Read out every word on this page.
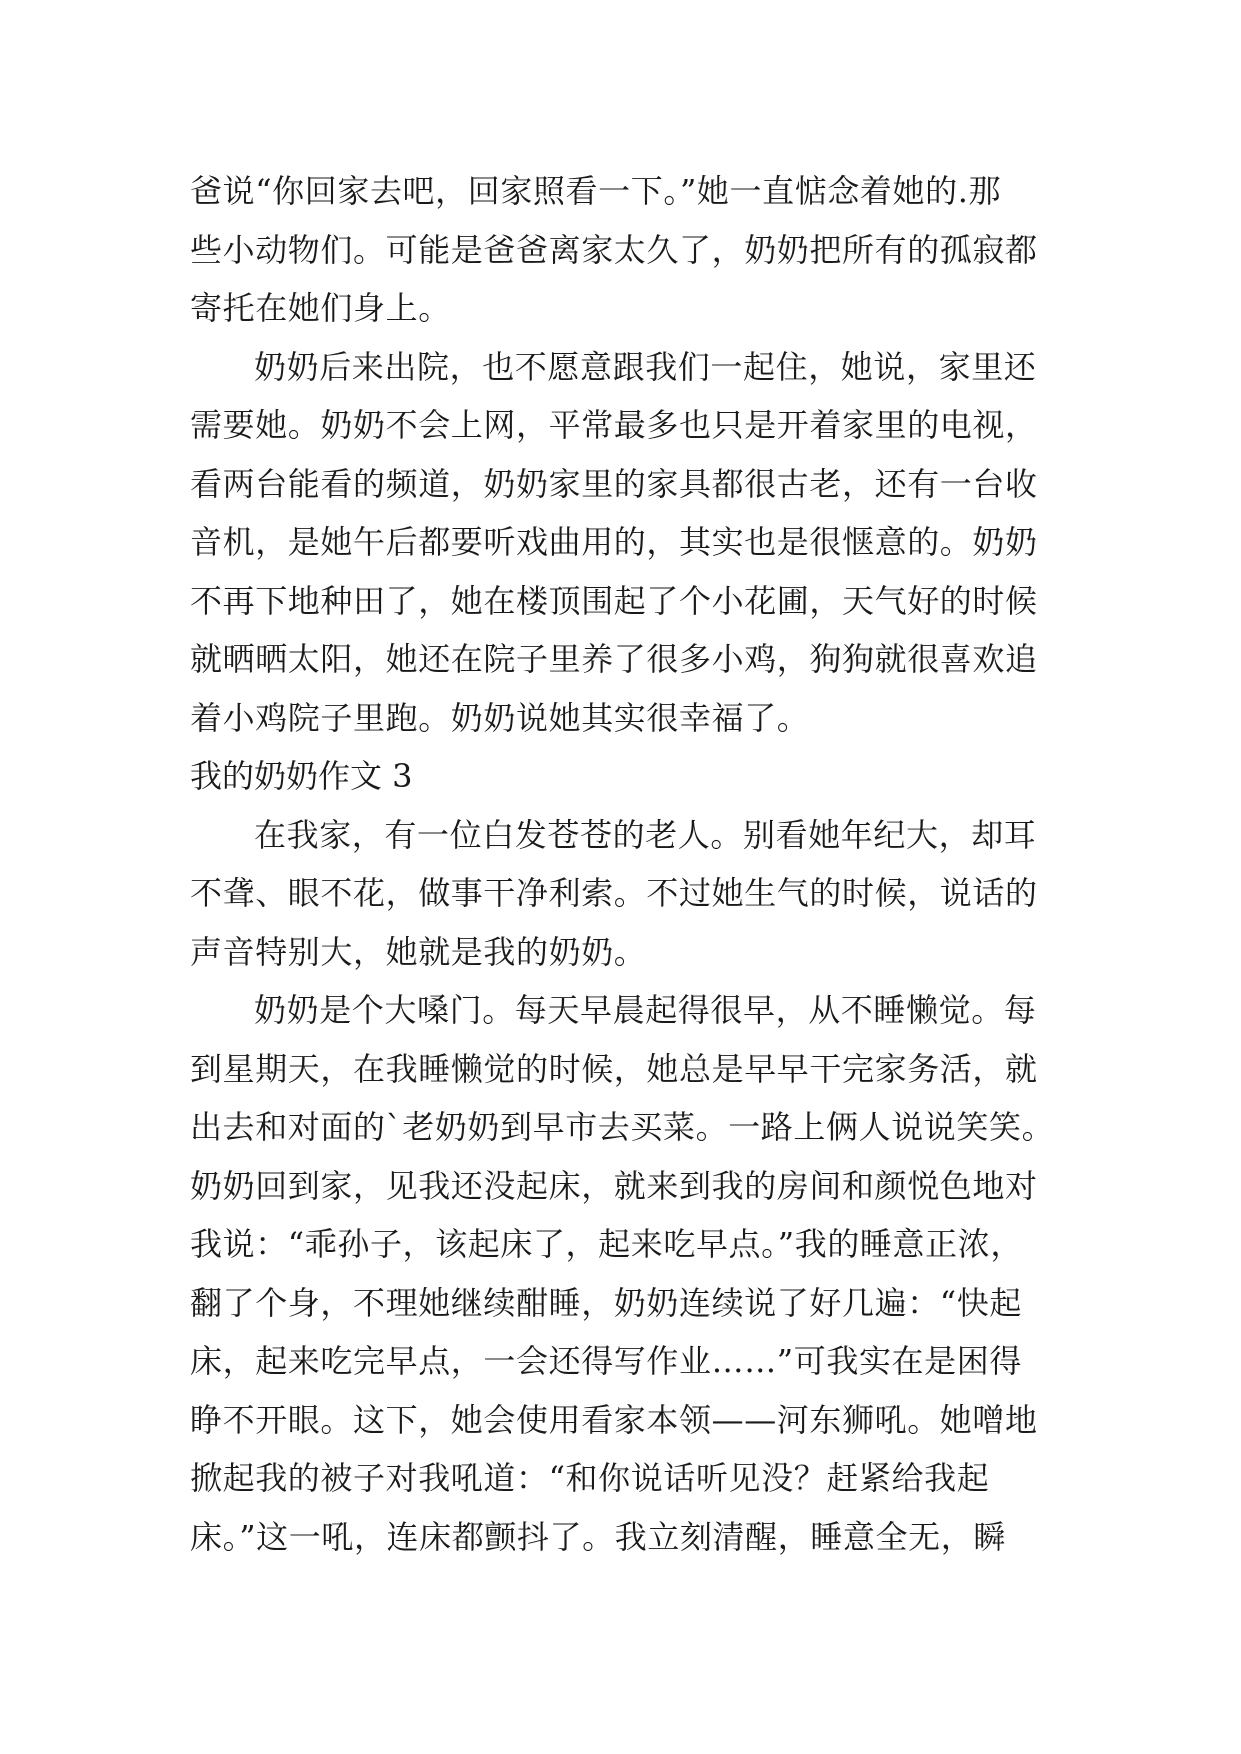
爸说“你回家去吧，回家照看一下。”她一直惦念着她的.那
些小动物们。可能是爸爸离家太久了，奶奶把所有的孤寂都
寄托在她们身上。
奶奶后来出院，也不愿意跟我们一起住，她说，家里还
需要她。奶奶不会上网，平常最多也只是开着家里的电视，
看两台能看的频道，奶奶家里的家具都很古老，还有一台收
音机，是她午后都要听戏曲用的，其实也是很惬意的。奶奶
不再下地种田了，她在楼顶围起了个小花圃，天气好的时候
就晒晒太阳，她还在院子里养了很多小鸡，狗狗就很喜欢追
着小鸡院子里跑。奶奶说她其实很幸福了。
我的奶奶作文 3
在我家，有一位白发苍苍的老人。别看她年纪大，却耳
不聋、眼不花，做事干净利索。不过她生气的时候，说话的
声音特别大，她就是我的奶奶。
奶奶是个大嗓门。每天早晨起得很早，从不睡懒觉。每
到星期天，在我睡懒觉的时候，她总是早早干完家务活，就
出去和对面的`老奶奶到早市去买菜。一路上俩人说说笑笑。
奶奶回到家，见我还没起床，就来到我的房间和颜悦色地对
我说：“乖孙子，该起床了，起来吃早点。”我的睡意正浓，
翻了个身，不理她继续酣睡，奶奶连续说了好几遍：“快起
床，起来吃完早点，一会还得写作业……”可我实在是困得
睁不开眼。这下，她会使用看家本领——河东狮吼。她噌地
掀起我的被子对我吼道：“和你说话听见没？赶紧给我起
床。”这一吼，连床都颤抖了。我立刻清醒，睡意全无，瞬
